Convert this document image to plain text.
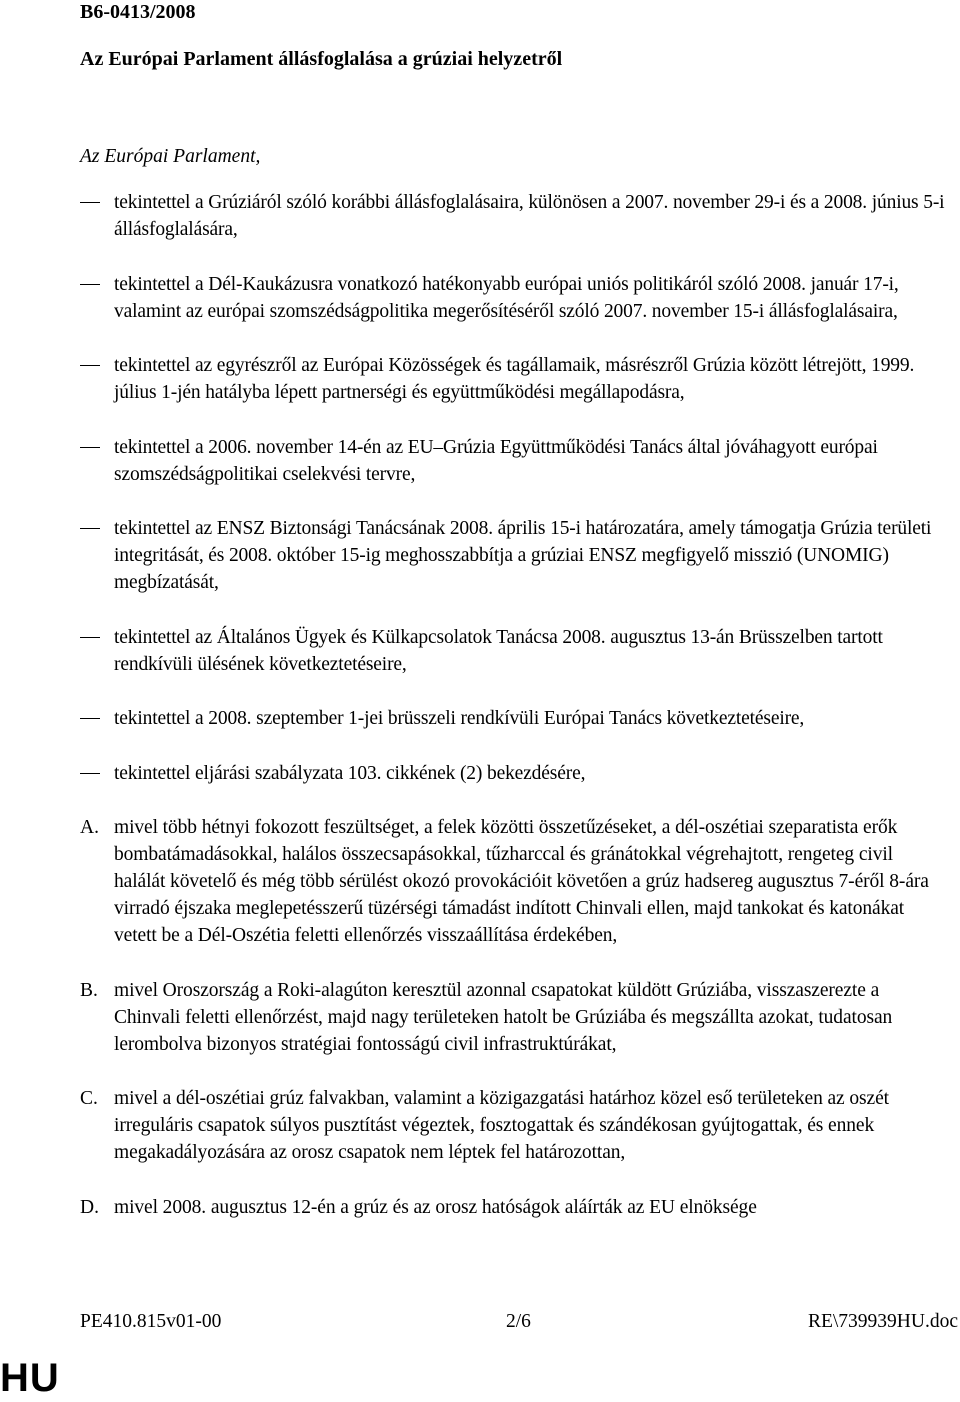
B6-0413/2008
Az Európai Parlament állásfoglalása a grúziai helyzetről
Az Európai Parlament,
tekintettel a Grúziáról szóló korábbi állásfoglalásaira, különösen a 2007. november 29-i és a 2008. június 5-i állásfoglalására,
tekintettel a Dél-Kaukázusra vonatkozó hatékonyabb európai uniós politikáról szóló 2008. január 17-i, valamint az európai szomszédságpolitika megerősítéséről szóló 2007. november 15-i állásfoglalásaira,
tekintettel az egyrészről az Európai Közösségek és tagállamaik, másrészről Grúzia között létrejött, 1999. július 1-jén hatályba lépett partnerségi és együttműködési megállapodásra,
tekintettel a 2006. november 14-én az EU–Grúzia Együttműködési Tanács által jóváhagyott európai szomszédságpolitikai cselekvési tervre,
tekintettel az ENSZ Biztonsági Tanácsának 2008. április 15-i határozatára, amely támogatja Grúzia területi integritását, és 2008. október 15-ig meghosszabbítja a grúziai ENSZ megfigyelő misszió (UNOMIG) megbízatását,
tekintettel az Általános Ügyek és Külkapcsolatok Tanácsa 2008. augusztus 13-án Brüsszelben tartott rendkívüli ülésének következtetéseire,
tekintettel a 2008. szeptember 1-jei brüsszeli rendkívüli Európai Tanács következtetéseire,
tekintettel eljárási szabályzata 103. cikkének (2) bekezdésére,
A. mivel több hétnyi fokozott feszültséget, a felek közötti összetűzéseket, a dél-oszétiai szeparatista erők bombatámadásokkal, halálos összecsapásokkal, tűzharccal és gránátokkal végrehajtott, rengeteg civil halálát követelő és még több sérülést okozó provokációit követően a grúz hadsereg augusztus 7-éről 8-ára virradó éjszaka meglepetésszerű tüzérségi támadást indított Chinvali ellen, majd tankokat és katonákat vetett be a Dél-Oszétia feletti ellenőrzés visszaállítása érdekében,
B. mivel Oroszország a Roki-alagúton keresztül azonnal csapatokat küldött Grúziába, visszaszerezte a Chinvali feletti ellenőrzést, majd nagy területeken hatolt be Grúziába és megszállta azokat, tudatosan lerombolva bizonyos stratégiai fontosságú civil infrastruktúrákat,
C. mivel a dél-oszétiai grúz falvakban, valamint a közigazgatási határhoz közel eső területeken az oszét irreguláris csapatok súlyos pusztítást végeztek, fosztogattak és szándékosan gyújtogattak, és ennek megakadályozására az orosz csapatok nem léptek fel határozottan,
D. mivel 2008. augusztus 12-én a grúz és az orosz hatóságok aláírták az EU elnöksége
PE410.815v01-00	2/6	RE\739939HU.doc
HU
